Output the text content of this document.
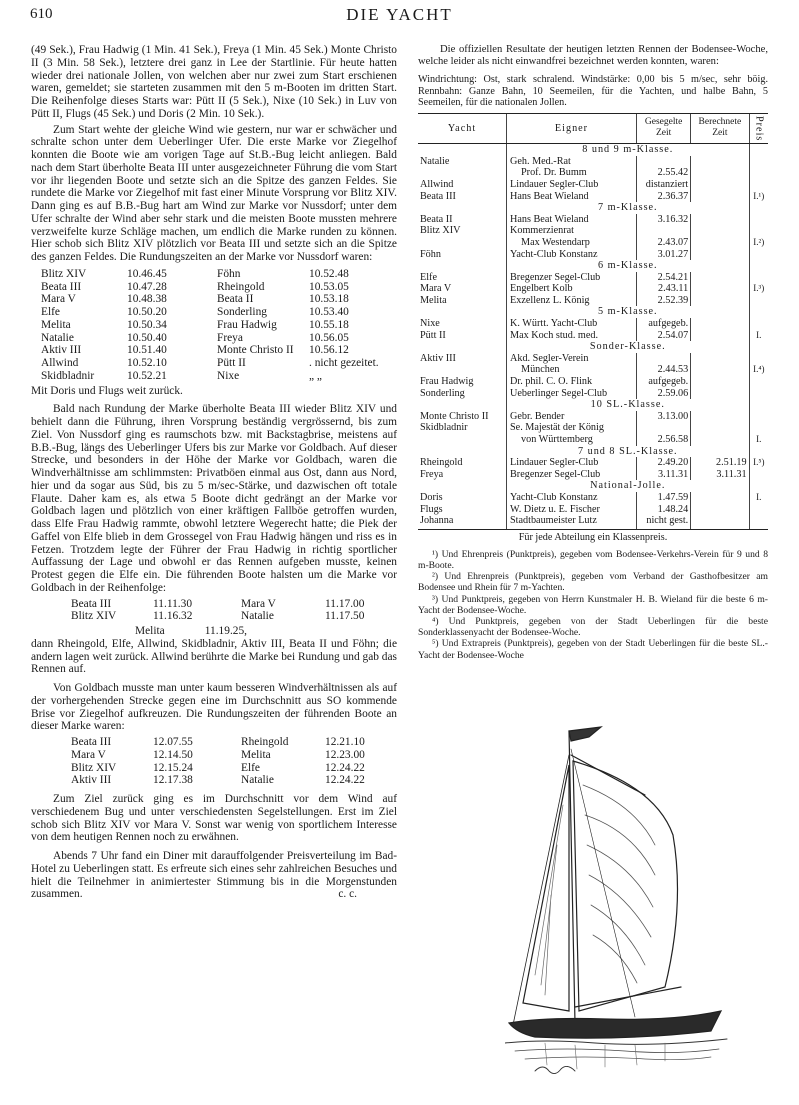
610	DIE YACHT

(49 Sek.), Frau Hadwig (1 Min. 41 Sek.), Freya (1 Min. 45 Sek.) Monte Christo II (3 Min. 58 Sek.), letztere drei ganz in Lee der Startlinie. Für heute hatten wieder drei nationale Jollen, von welchen aber nur zwei zum Start erschienen waren, gemeldet; sie starteten zusammen mit den 5 m-Booten im dritten Start. Die Reihenfolge dieses Starts war: Pütt II (5 Sek.), Nixe (10 Sek.) in Luv von Pütt II, Flugs (45 Sek.) und Doris (2 Min. 10 Sek.).

Zum Start wehte der gleiche Wind wie gestern, nur war er schwächer und schralte schon unter dem Ueberlinger Ufer. Die erste Marke vor Ziegelhof konnten die Boote wie am vorigen Tage auf St.B.-Bug leicht anliegen. Bald nach dem Start überholte Beata III unter ausgezeichneter Führung die vom Start vor ihr liegenden Boote und setzte sich an die Spitze des ganzen Feldes. Sie rundete die Marke vor Ziegelhof mit fast einer Minute Vorsprung vor Blitz XIV. Dann ging es auf B.B.-Bug hart am Wind zur Marke vor Nussdorf; unter dem Ufer schralte der Wind aber sehr stark und die meisten Boote mussten mehrere verzweifelte kurze Schläge machen, um endlich die Marke runden zu können. Hier schob sich Blitz XIV plötzlich vor Beata III und setzte sich an die Spitze des ganzen Feldes. Die Rundungszeiten an der Marke vor Nussdorf waren:

Blitz XIV	10.46.45	Föhn	10.52.48
Beata III	10.47.28	Rheingold	10.53.05
Mara V	10.48.38	Beata II	10.53.18
Elfe	10.50.20	Sonderling	10.53.40
Melita	10.50.34	Frau Hadwig	10.55.18
Natalie	10.50.40	Freya	10.56.05
Aktiv III	10.51.40	Monte Christo II	10.56.12
Allwind	10.52.10	Pütt II	. nicht gezeitet.
Skidbladnir	10.52.21	Nixe	„ „

Mit Doris und Flugs weit zurück.

Bald nach Rundung der Marke überholte Beata III wieder Blitz XIV und behielt dann die Führung, ihren Vorsprung beständig vergrössernd, bis zum Ziel. Von Nussdorf ging es raumschots bzw. mit Backstagbrise, meistens auf B.B.-Bug, längs des Ueberlinger Ufers bis zur Marke vor Goldbach. Auf dieser Strecke, und besonders in der Höhe der Marke vor Goldbach, waren die Windverhältnisse am schlimmsten: Privatböen einmal aus Ost, dann aus Nord, hier und da sogar aus Süd, bis zu 5 m/sec-Stärke, und dazwischen oft totale Flaute. Daher kam es, als etwa 5 Boote dicht gedrängt an der Marke vor Goldbach lagen und plötzlich von einer kräftigen Fallböe getroffen wurden, dass Elfe Frau Hadwig rammte, obwohl letztere Wegerecht hatte; die Piek der Gaffel von Elfe blieb in dem Grossegel von Frau Hadwig hängen und riss es in Fetzen. Trotzdem legte der Führer der Frau Hadwig in richtig sportlicher Auffassung der Lage und obwohl er das Rennen aufgeben musste, keinen Protest gegen die Elfe ein. Die führenden Boote halsten um die Marke vor Goldbach in der Reihenfolge:

Beata III	11.11.30	Mara V	11.17.00
Blitz XIV	11.16.32	Natalie	11.17.50
Melita	11.19.25,

dann Rheingold, Elfe, Allwind, Skidbladnir, Aktiv III, Beata II und Föhn; die andern lagen weit zurück. Allwind berührte die Marke bei Rundung und gab das Rennen auf.

Von Goldbach musste man unter kaum besseren Windverhältnissen als auf der vorhergehenden Strecke gegen eine im Durchschnitt aus SO kommende Brise vor Ziegelhof aufkreuzen. Die Rundungszeiten der führenden Boote an dieser Marke waren:

Beata III	12.07.55	Rheingold	12.21.10
Mara V	12.14.50	Melita	12.23.00
Blitz XIV	12.15.24	Elfe	12.24.22
Aktiv III	12.17.38	Natalie	12.24.22

Zum Ziel zurück ging es im Durchschnitt vor dem Wind auf verschiedenem Bug und unter verschiedensten Segelstellungen. Erst im Ziel schob sich Blitz XIV vor Mara V. Sonst war wenig von sportlichem Interesse von dem heutigen Rennen noch zu erwähnen.

Abends 7 Uhr fand ein Diner mit darauffolgender Preisverteilung im Bad-Hotel zu Ueberlingen statt. Es erfreute sich eines sehr zahlreichen Besuches und hielt die Teilnehmer in animiertester Stimmung bis in die Morgenstunden zusammen.	c. c.

Die offiziellen Resultate der heutigen letzten Rennen der Bodensee-Woche, welche leider als nicht einwandfrei bezeichnet werden konnten, waren:

Windrichtung: Ost, stark schralend. Windstärke: 0,00 bis 5 m/sec, sehr böig. Rennbahn: Ganze Bahn, 10 Seemeilen, für die Yachten, und halbe Bahn, 5 Seemeilen, für die nationalen Jollen.

Yacht	Eigner	Gesegelte Zeit	Berechnete Zeit	Preis
	8 und 9 m-Klasse.			
Natalie	Geh. Med.-Rat			
	Prof. Dr. Bumm	2.55.42		
Allwind	Lindauer Segler-Club	distanziert		
Beata III	Hans Beat Wieland	2.36.37		I.¹)
	7 m-Klasse.			
Beata II	Hans Beat Wieland	3.16.32		
Blitz XIV	Kommerzienrat			
	Max Westendarp	2.43.07		I.²)
Föhn	Yacht-Club Konstanz	3.01.27		
	6 m-Klasse.			
Elfe	Bregenzer Segel-Club	2.54.21		
Mara V	Engelbert Kolb	2.43.11		I.³)
Melita	Exzellenz L. König	2.52.39		
	5 m-Klasse.			
Nixe	K. Württ. Yacht-Club	aufgegeb.		
Pütt II	Max Koch stud. med.	2.54.07		I.
	Sonder-Klasse.			
Aktiv III	Akd. Segler-Verein			
	München	2.44.53		I.⁴)
Frau Hadwig	Dr. phil. C. O. Flink	aufgegeb.		
Sonderling	Ueberlinger Segel-Club	2.59.06		
	10 SL.-Klasse.			
Monte Christo II	Gebr. Bender	3.13.00		
Skidbladnir	Se. Majestät der König			
	von Württemberg	2.56.58		I.
	7 und 8 SL.-Klasse.			
Rheingold	Lindauer Segler-Club	2.49.20	2.51.19	I.⁵)
Freya	Bregenzer Segel-Club	3.11.31	3.11.31	
	National-Jolle.			
Doris	Yacht-Club Konstanz	1.47.59		I.
Flugs	W. Dietz u. E. Fischer	1.48.24		
Johanna	Stadtbaumeister Lutz	nicht gest.		
Für jede Abteilung ein Klassenpreis.

¹) Und Ehrenpreis (Punktpreis), gegeben vom Bodensee-Verkehrs-Verein für 9 und 8 m-Boote.

²) Und Ehrenpreis (Punktpreis), gegeben vom Verband der Gasthofbesitzer am Bodensee und Rhein für 7 m-Yachten.

³) Und Punktpreis, gegeben von Herrn Kunstmaler H. B. Wieland für die beste 6 m-Yacht der Bodensee-Woche.

⁴) Und Punktpreis, gegeben von der Stadt Ueberlingen für die beste Sonderklassenyacht der Bodensee-Woche.

⁵) Und Extrapreis (Punktpreis), gegeben von der Stadt Ueberlingen für die beste SL.-Yacht der Bodensee-Woche
